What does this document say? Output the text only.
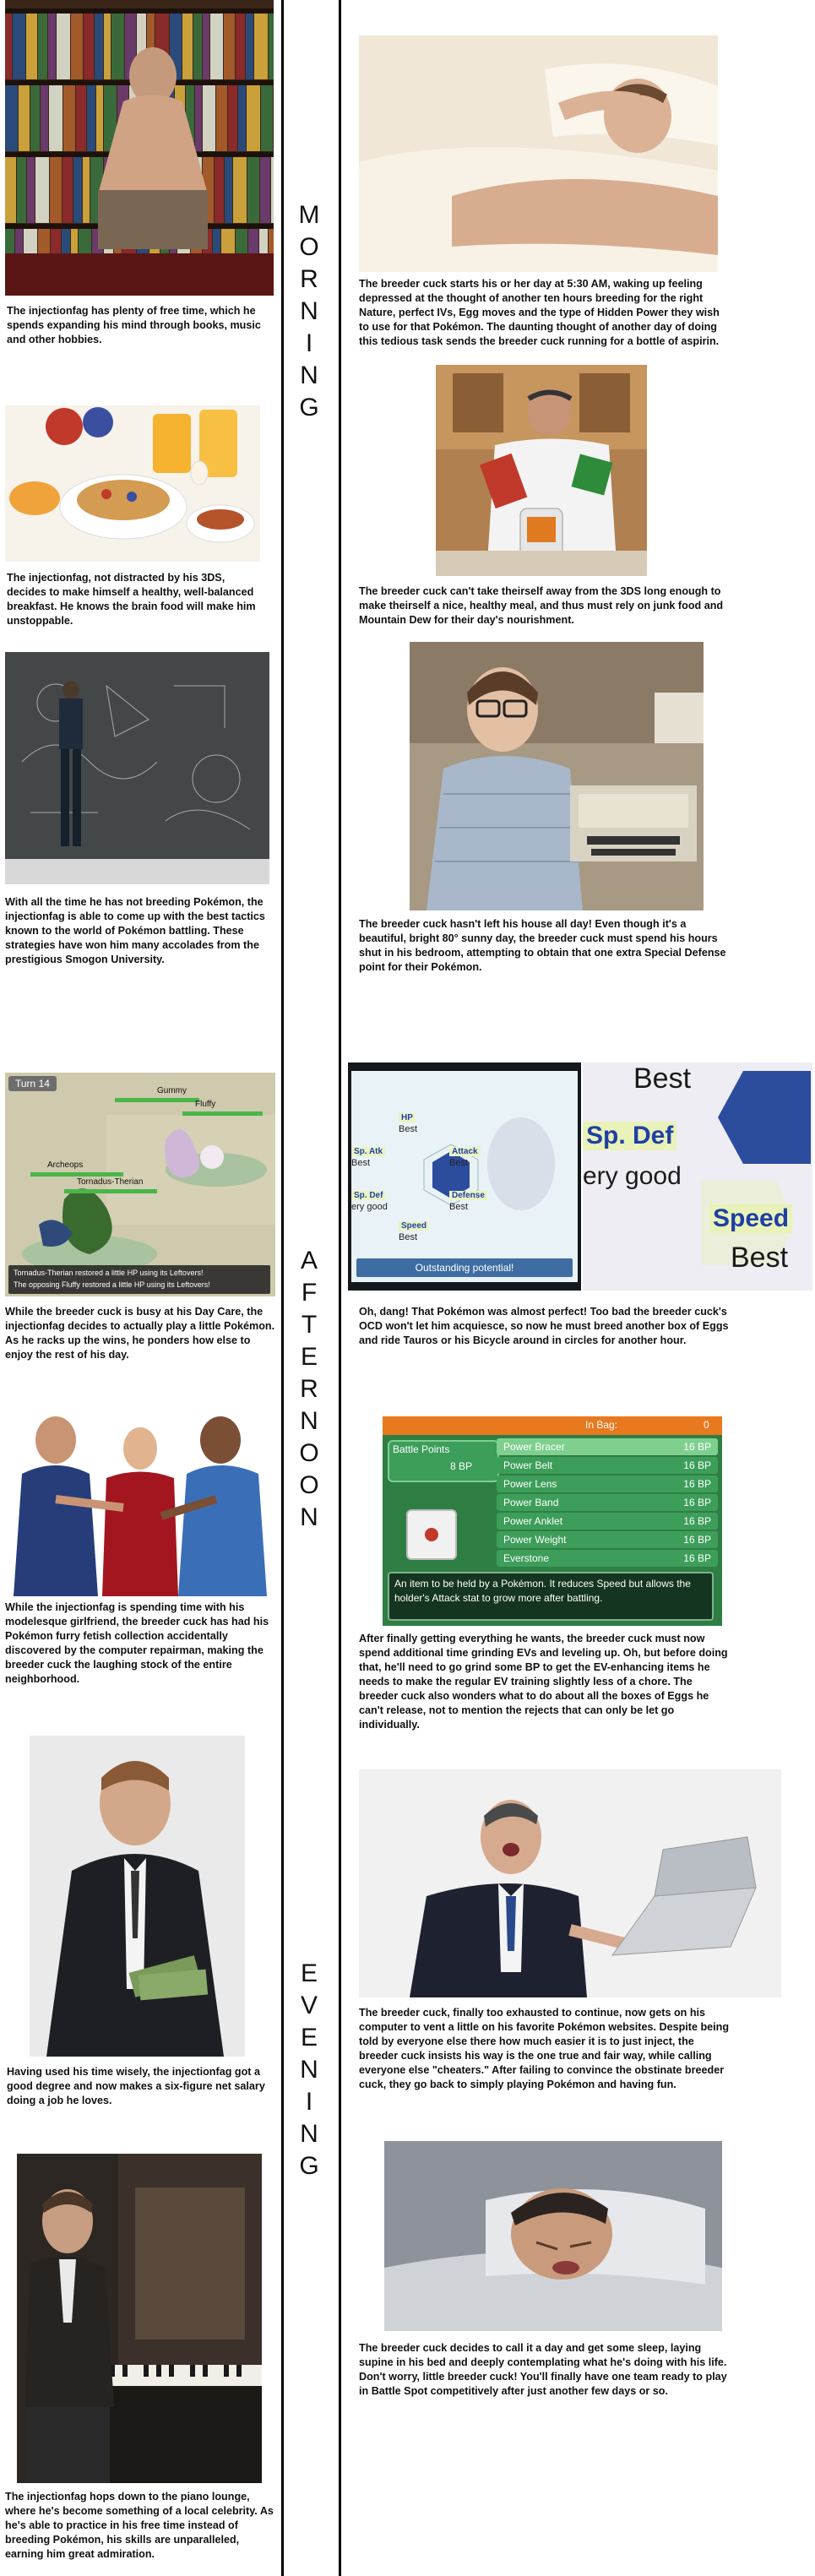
M
O
R
N
I
N
G
A
F
T
E
R
N
O
O
N
E
V
E
N
I
N
G

The injectionfag has plenty of free time, which he spends expanding his mind through books, music and other hobbies.

The injectionfag, not distracted by his 3DS, decides to make himself a healthy, well-balanced breakfast. He knows the brain food will make him unstoppable.

With all the time he has not breeding Pokémon, the injectionfag is able to come up with the best tactics known to the world of Pokémon battling. These strategies have won him many accolades from the prestigious Smogon University.

Turn 14
Gummy
Fluffy
Archeops
Tornadus-Therian
Tornadus-Therian restored a little HP using its Leftovers!
The opposing Fluffy restored a little HP using its Leftovers!

While the breeder cuck is busy at his Day Care, the injectionfag decides to actually play a little Pokémon. As he racks up the wins, he ponders how else to enjoy the rest of his day.

While the injectionfag is spending time with his modelesque girlfriend, the breeder cuck has had his Pokémon furry fetish collection accidentally discovered by the computer repairman, making the breeder cuck the laughing stock of the entire neighborhood.

Having used his time wisely, the injectionfag got a good degree and now makes a six-figure net salary doing a job he loves.

The injectionfag hops down to the piano lounge, where he's become something of a local celebrity. As he's able to practice in his free time instead of breeding Pokémon, his skills are unparalleled, earning him great admiration.

The breeder cuck starts his or her day at 5:30 AM, waking up feeling depressed at the thought of another ten hours breeding for the right Nature, perfect IVs, Egg moves and the type of Hidden Power they wish to use for that Pokémon. The daunting thought of another day of doing this tedious task sends the breeder cuck running for a bottle of aspirin.

The breeder cuck can't take theirself away from the 3DS long enough to make theirself a nice, healthy meal, and thus must rely on junk food and Mountain Dew for their day's nourishment.

The breeder cuck hasn't left his house all day! Even though it's a beautiful, bright 80° sunny day, the breeder cuck must spend his hours shut in his bedroom, attempting to obtain that one extra Special Defense point for their Pokémon.

HP
Best
Attack
Best
Sp. Atk
Best
Defense
Best
Sp. Def
ery good
Speed
Best
Outstanding potential!
Best
Sp. Def
ery good
Speed
Best

Oh, dang! That Pokémon was almost perfect! Too bad the breeder cuck's OCD won't let him acquiesce, so now he must breed another box of Eggs and ride Tauros or his Bicycle around in circles for another hour.

In Bag:	0
Battle Points
8 BP
Power Bracer	16 BP
Power Belt	16 BP
Power Lens	16 BP
Power Band	16 BP
Power Anklet	16 BP
Power Weight	16 BP
Everstone	16 BP
An item to be held by a Pokémon. It reduces Speed but allows the holder's Attack stat to grow more after battling.

After finally getting everything he wants, the breeder cuck must now spend additional time grinding EVs and leveling up. Oh, but before doing that, he'll need to go grind some BP to get the EV-enhancing items he needs to make the regular EV training slightly less of a chore. The breeder cuck also wonders what to do about all the boxes of Eggs he can't release, not to mention the rejects that can only be let go individually.

The breeder cuck, finally too exhausted to continue, now gets on his computer to vent a little on his favorite Pokémon websites. Despite being told by everyone else there how much easier it is to just inject, the breeder cuck insists his way is the one true and fair way, while calling everyone else "cheaters." After failing to convince the obstinate breeder cuck, they go back to simply playing Pokémon and having fun.

The breeder cuck decides to call it a day and get some sleep, laying supine in his bed and deeply contemplating what he's doing with his life. Don't worry, little breeder cuck! You'll finally have one team ready to play in Battle Spot competitively after just another few days or so.
